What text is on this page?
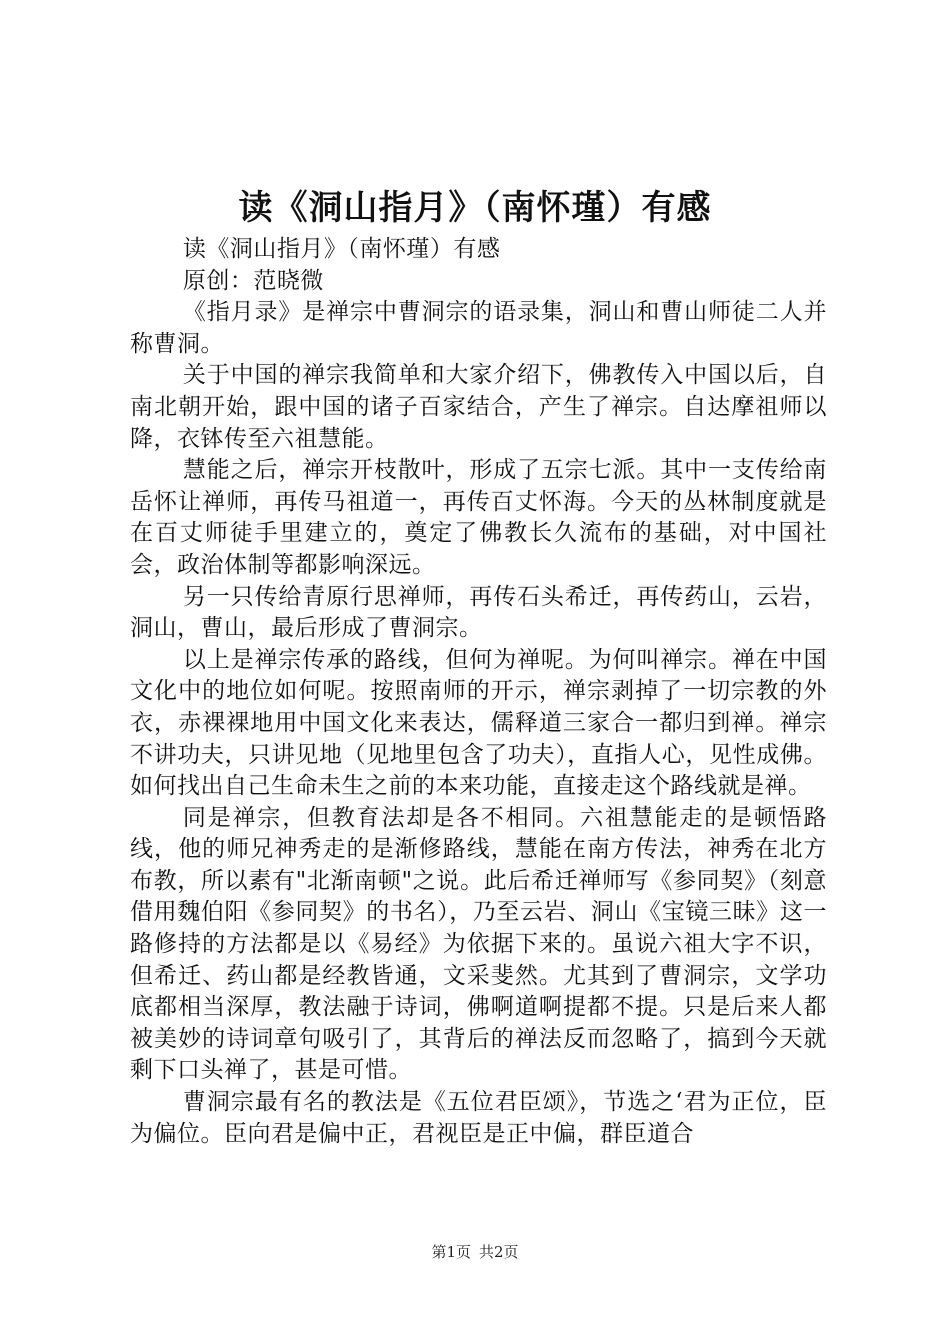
读《洞山指月》（南怀瑾）有感

读《洞山指月》（南怀瑾）有感

原创：范晓微

《指月录》是禅宗中曹洞宗的语录集，洞山和曹山师徒二人并称曹洞。

关于中国的禅宗我简单和大家介绍下，佛教传入中国以后，自南北朝开始，跟中国的诸子百家结合，产生了禅宗。自达摩祖师以降，衣钵传至六祖慧能。

慧能之后，禅宗开枝散叶，形成了五宗七派。其中一支传给南岳怀让禅师，再传马祖道一，再传百丈怀海。今天的丛林制度就是在百丈师徒手里建立的，奠定了佛教长久流布的基础，对中国社会，政治体制等都影响深远。

另一只传给青原行思禅师，再传石头希迁，再传药山，云岩，洞山，曹山，最后形成了曹洞宗。

以上是禅宗传承的路线，但何为禅呢。为何叫禅宗。禅在中国文化中的地位如何呢。按照南师的开示，禅宗剥掉了一切宗教的外衣，赤裸裸地用中国文化来表达，儒释道三家合一都归到禅。禅宗不讲功夫，只讲见地（见地里包含了功夫），直指人心，见性成佛。如何找出自己生命未生之前的本来功能，直接走这个路线就是禅。

同是禅宗，但教育法却是各不相同。六祖慧能走的是顿悟路线，他的师兄神秀走的是渐修路线，慧能在南方传法，神秀在北方布教，所以素有"北渐南顿"之说。此后希迁禅师写《参同契》（刻意借用魏伯阳《参同契》的书名），乃至云岩、洞山《宝镜三昧》这一路修持的方法都是以《易经》为依据下来的。虽说六祖大字不识，但希迁、药山都是经教皆通，文采斐然。尤其到了曹洞宗，文学功底都相当深厚，教法融于诗词，佛啊道啊提都不提。只是后来人都被美妙的诗词章句吸引了，其背后的禅法反而忽略了，搞到今天就剩下口头禅了，甚是可惜。

曹洞宗最有名的教法是《五位君臣颂》，节选之‘君为正位，臣为偏位。臣向君是偏中正，君视臣是正中偏，群臣道合

第1页 共2页
